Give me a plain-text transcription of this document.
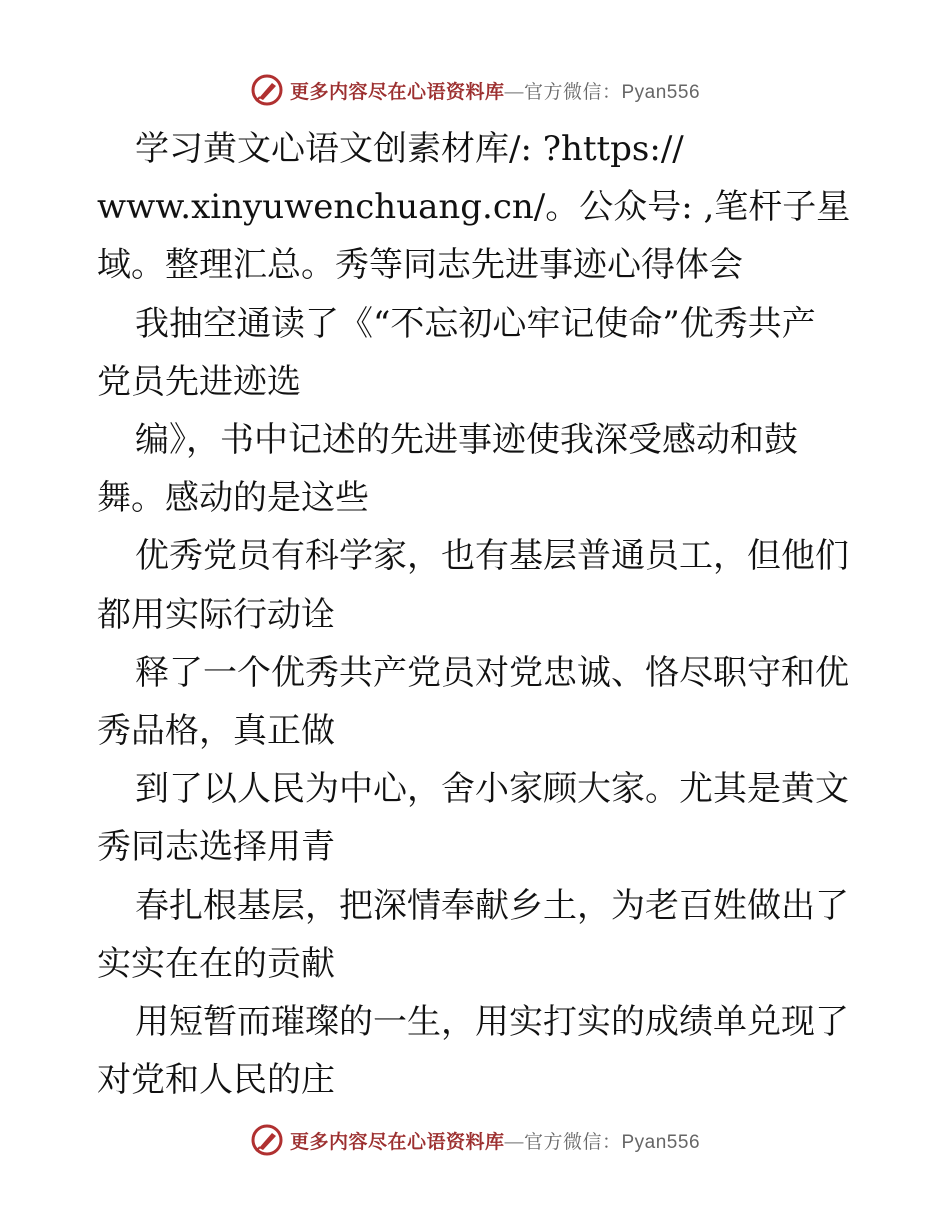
更多内容尽在心语资料库—官方微信：Pyan556
学习黄文心语文创素材库/: ?https://
www.xinyuwenchuang.cn/。公众号: ,笔杆子星
域。整理汇总。秀等同志先进事迹心得体会
我抽空通读了《“不忘初心牢记使命”优秀共产
党员先进迹选
编》，书中记述的先进事迹使我深受感动和鼓
舞。感动的是这些
优秀党员有科学家，也有基层普通员工，但他们
都用实际行动诠
释了一个优秀共产党员对党忠诚、恪尽职守和优
秀品格，真正做
到了以人民为中心，舍小家顾大家。尤其是黄文
秀同志选择用青
春扎根基层，把深情奉献乡土，为老百姓做出了
实实在在的贡献
用短暂而璀璨的一生，用实打实的成绩单兑现了
对党和人民的庄
更多内容尽在心语资料库—官方微信：Pyan556
